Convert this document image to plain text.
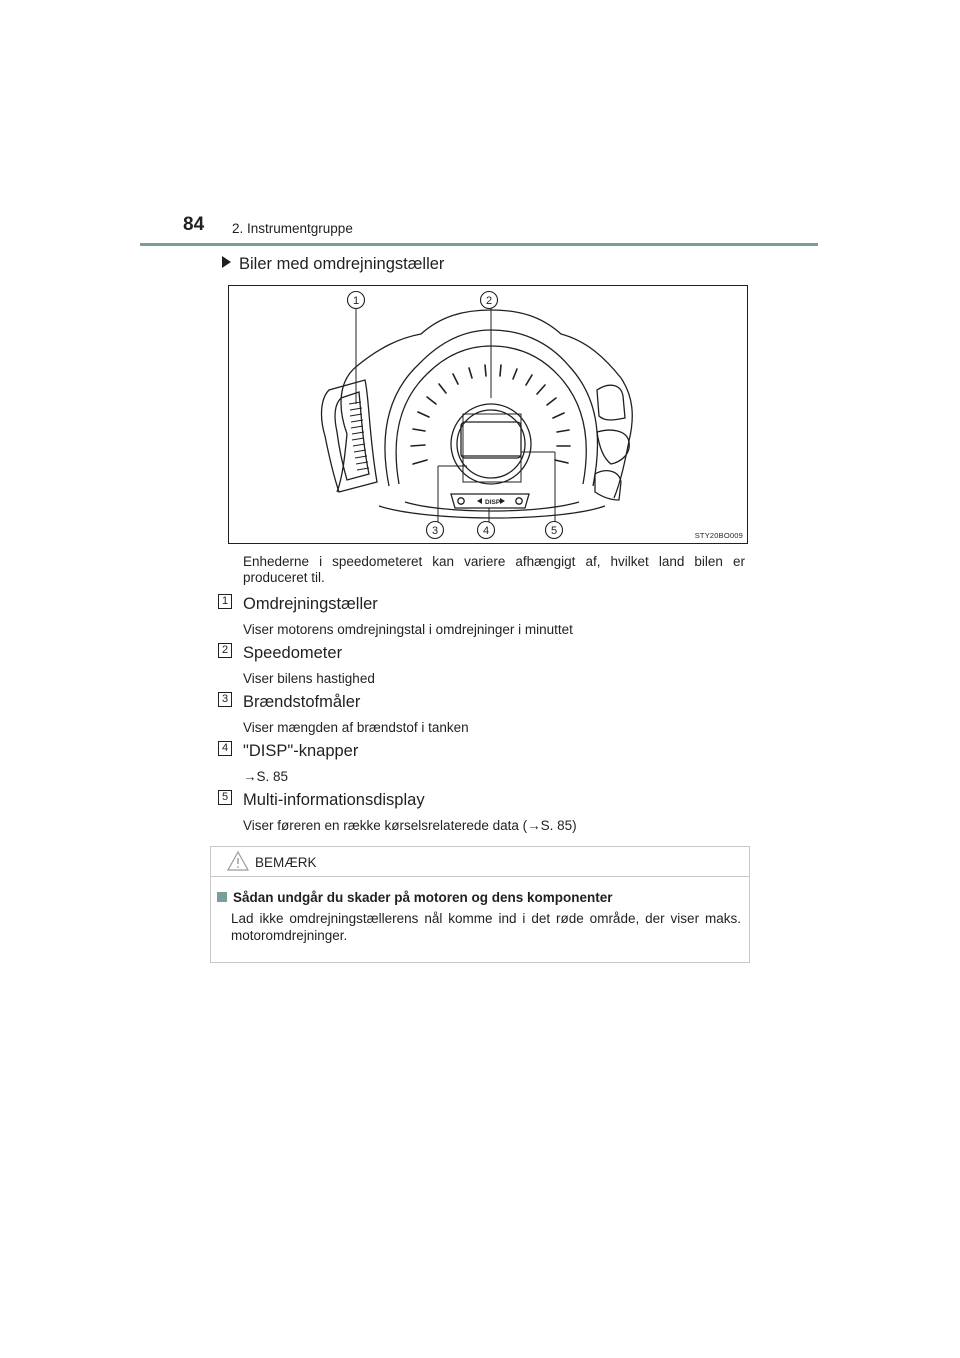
84 2. Instrumentgruppe
Biler med omdrejningstæller
DISP
1	2
3	4	5	STY20BO009
Enhederne i speedometeret kan variere afhængigt af, hvilket land bilen er produceret til.
1 Omdrejningstæller
Viser motorens omdrejningstal i omdrejninger i minuttet
2 Speedometer
Viser bilens hastighed
3 Brændstofmåler
Viser mængden af brændstof i tanken
4 "DISP"-knapper
→S. 85
5 Multi-informationsdisplay
Viser føreren en række kørselsrelaterede data (→S. 85)
BEMÆRK
Sådan undgår du skader på motoren og dens komponenter
Lad ikke omdrejningstællerens nål komme ind i det røde område, der viser maks. motoromdrejninger.
